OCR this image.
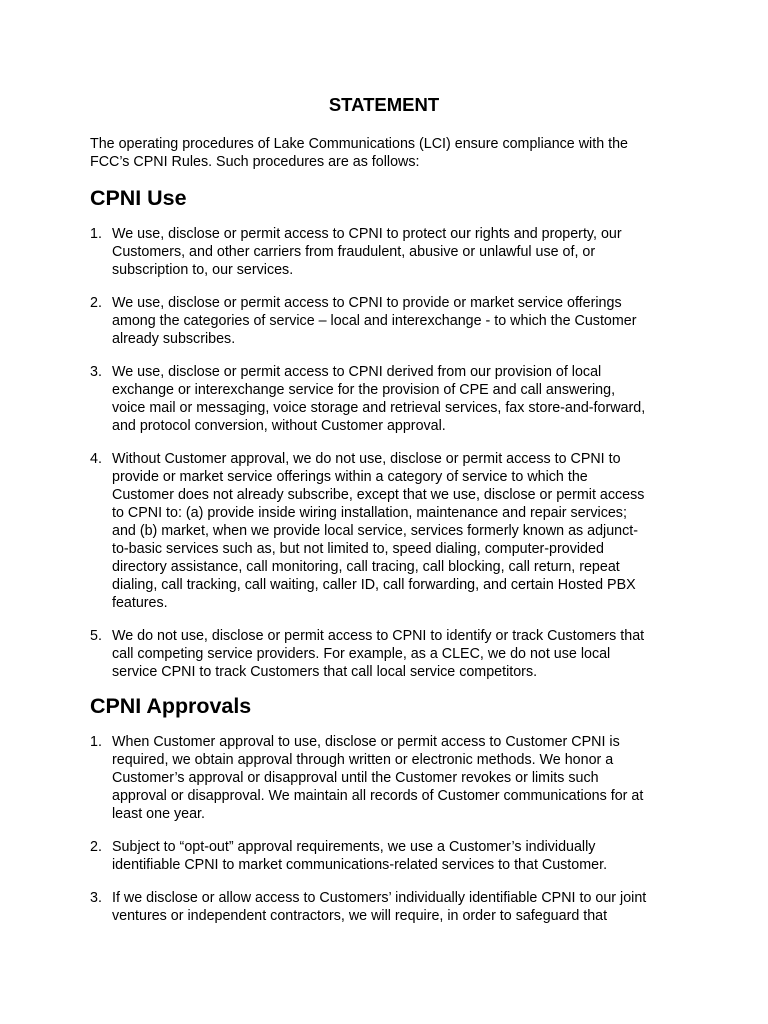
STATEMENT

The operating procedures of Lake Communications (LCI) ensure compliance with the
FCC’s CPNI Rules. Such procedures are as follows:

CPNI Use
1. We use, disclose or permit access to CPNI to protect our rights and property, our
Customers, and other carriers from fraudulent, abusive or unlawful use of, or
subscription to, our services.
2. We use, disclose or permit access to CPNI to provide or market service offerings
among the categories of service – local and interexchange - to which the Customer
already subscribes.
3. We use, disclose or permit access to CPNI derived from our provision of local
exchange or interexchange service for the provision of CPE and call answering,
voice mail or messaging, voice storage and retrieval services, fax store-and-forward,
and protocol conversion, without Customer approval.
4. Without Customer approval, we do not use, disclose or permit access to CPNI to
provide or market service offerings within a category of service to which the
Customer does not already subscribe, except that we use, disclose or permit access
to CPNI to: (a) provide inside wiring installation, maintenance and repair services;
and (b) market, when we provide local service, services formerly known as adjunct-
to-basic services such as, but not limited to, speed dialing, computer-provided
directory assistance, call monitoring, call tracing, call blocking, call return, repeat
dialing, call tracking, call waiting, caller ID, call forwarding, and certain Hosted PBX
features.
5. We do not use, disclose or permit access to CPNI to identify or track Customers that
call competing service providers. For example, as a CLEC, we do not use local
service CPNI to track Customers that call local service competitors.
CPNI Approvals
1. When Customer approval to use, disclose or permit access to Customer CPNI is
required, we obtain approval through written or electronic methods. We honor a
Customer’s approval or disapproval until the Customer revokes or limits such
approval or disapproval. We maintain all records of Customer communications for at
least one year.
2. Subject to “opt-out” approval requirements, we use a Customer’s individually
identifiable CPNI to market communications-related services to that Customer.
3. If we disclose or allow access to Customers’ individually identifiable CPNI to our joint
ventures or independent contractors, we will require, in order to safeguard that
